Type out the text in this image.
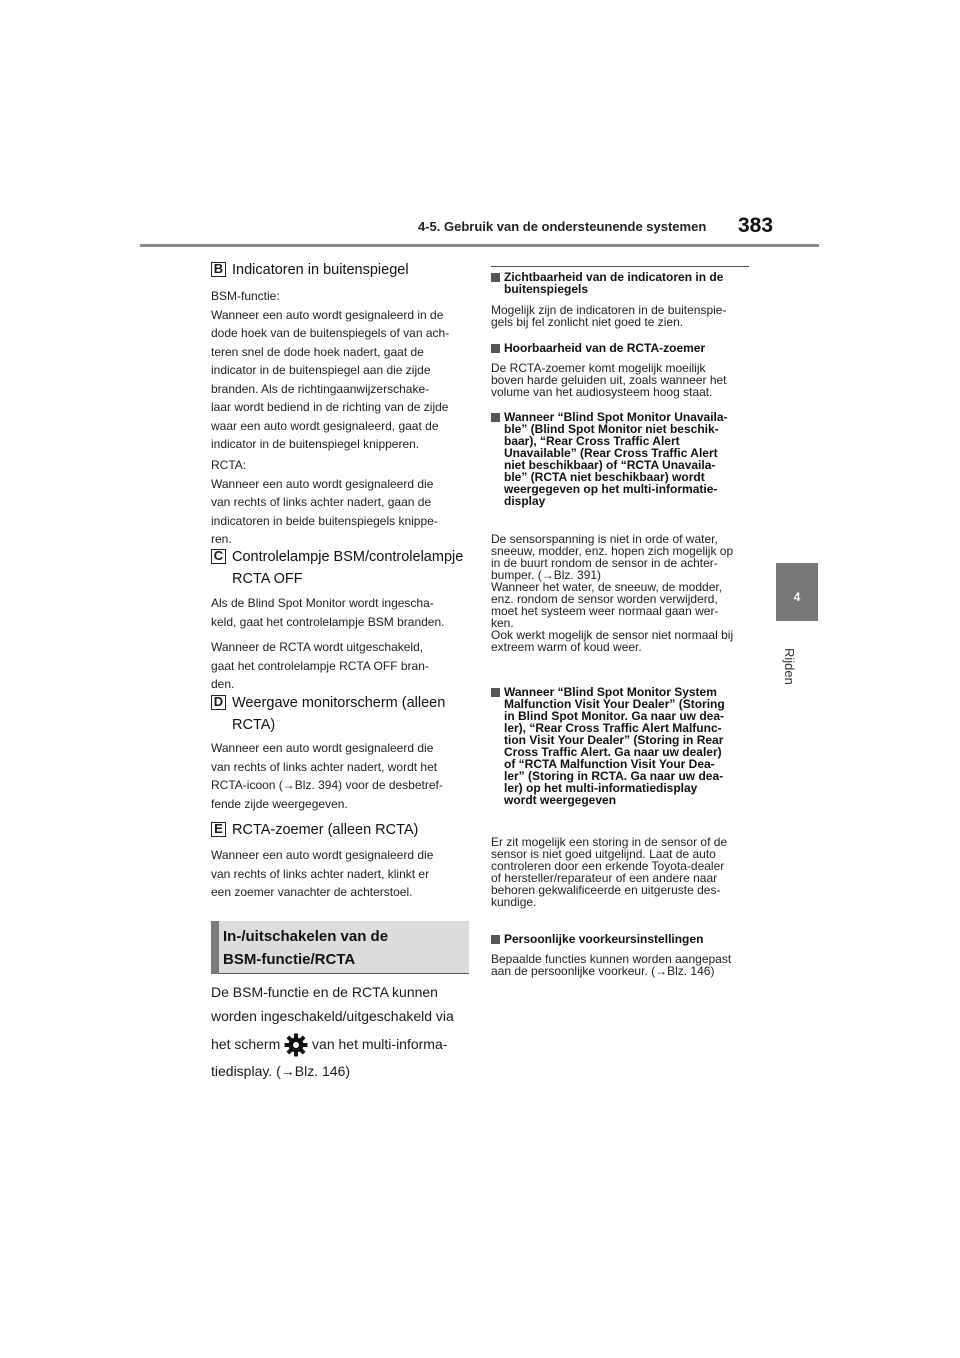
4-5. Gebruik van de ondersteunende systemen 383
4
Rijden
B Indicatoren in buitenspiegel
BSM-functie:
Wanneer een auto wordt gesignaleerd in de
dode hoek van de buitenspiegels of van ach-
teren snel de dode hoek nadert, gaat de
indicator in de buitenspiegel aan die zijde
branden. Als de richtingaanwijzerschake-
laar wordt bediend in de richting van de zijde
waar een auto wordt gesignaleerd, gaat de
indicator in de buitenspiegel knipperen.
RCTA:
Wanneer een auto wordt gesignaleerd die
van rechts of links achter nadert, gaan de
indicatoren in beide buitenspiegels knippe-
ren.
C Controlelampje BSM/controlelampje
RCTA OFF
Als de Blind Spot Monitor wordt ingescha-
keld, gaat het controlelampje BSM branden.
Wanneer de RCTA wordt uitgeschakeld,
gaat het controlelampje RCTA OFF bran-
den.
D Weergave monitorscherm (alleen
RCTA)
Wanneer een auto wordt gesignaleerd die
van rechts of links achter nadert, wordt het
RCTA-icoon (→Blz. 394) voor de desbetref-
fende zijde weergegeven.
E RCTA-zoemer (alleen RCTA)
Wanneer een auto wordt gesignaleerd die
van rechts of links achter nadert, klinkt er
een zoemer vanachter de achterstoel.
In-/uitschakelen van de
BSM-functie/RCTA
De BSM-functie en de RCTA kunnen
worden ingeschakeld/uitgeschakeld via
het scherm van het multi-informa-
tiedisplay. (→Blz. 146)
Zichtbaarheid van de indicatoren in de
buitenspiegels
Mogelijk zijn de indicatoren in de buitenspie-
gels bij fel zonlicht niet goed te zien.
Hoorbaarheid van de RCTA-zoemer
De RCTA-zoemer komt mogelijk moeilijk
boven harde geluiden uit, zoals wanneer het
volume van het audiosysteem hoog staat.
Wanneer “Blind Spot Monitor Unavaila-
ble” (Blind Spot Monitor niet beschik-
baar), “Rear Cross Traffic Alert
Unavailable” (Rear Cross Traffic Alert
niet beschikbaar) of “RCTA Unavaila-
ble” (RCTA niet beschikbaar) wordt
weergegeven op het multi-informatie-
display
De sensorspanning is niet in orde of water,
sneeuw, modder, enz. hopen zich mogelijk op
in de buurt rondom de sensor in de achter-
bumper. (→Blz. 391)
Wanneer het water, de sneeuw, de modder,
enz. rondom de sensor worden verwijderd,
moet het systeem weer normaal gaan wer-
ken.
Ook werkt mogelijk de sensor niet normaal bij
extreem warm of koud weer.
Wanneer “Blind Spot Monitor System
Malfunction Visit Your Dealer” (Storing
in Blind Spot Monitor. Ga naar uw dea-
ler), “Rear Cross Traffic Alert Malfunc-
tion Visit Your Dealer” (Storing in Rear
Cross Traffic Alert. Ga naar uw dealer)
of “RCTA Malfunction Visit Your Dea-
ler” (Storing in RCTA. Ga naar uw dea-
ler) op het multi-informatiedisplay
wordt weergegeven
Er zit mogelijk een storing in de sensor of de
sensor is niet goed uitgelijnd. Laat de auto
controleren door een erkende Toyota-dealer
of hersteller/reparateur of een andere naar
behoren gekwalificeerde en uitgeruste des-
kundige.
Persoonlijke voorkeursinstellingen
Bepaalde functies kunnen worden aangepast
aan de persoonlijke voorkeur. (→Blz. 146)
